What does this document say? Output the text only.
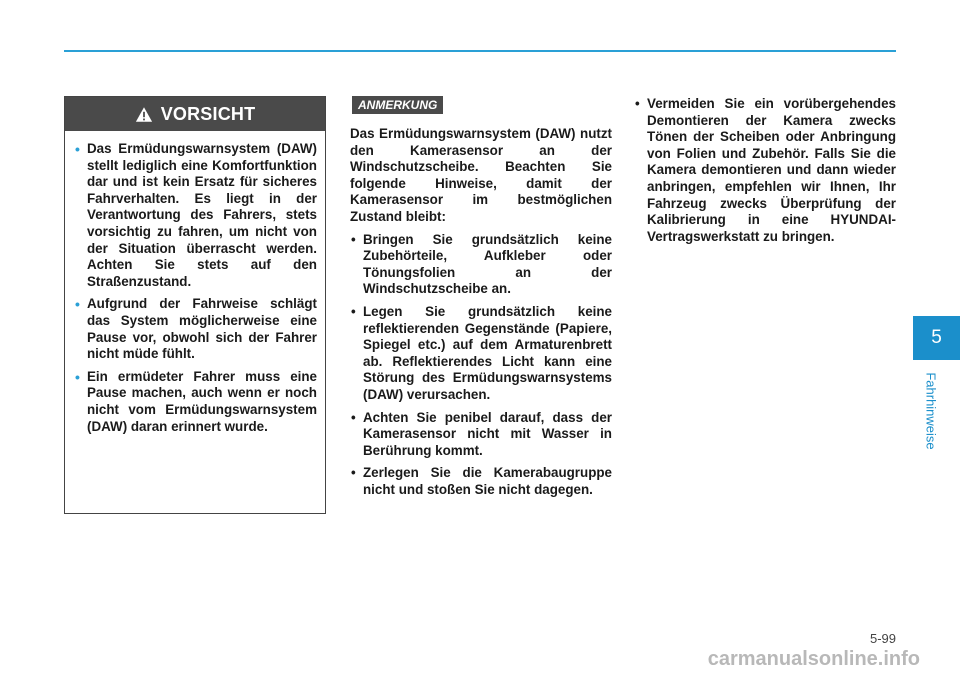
VORSICHT
• Das Ermüdungswarnsystem (DAW) stellt lediglich eine Komfortfunktion dar und ist kein Ersatz für sicheres Fahrverhalten. Es liegt in der Verantwortung des Fahrers, stets vorsichtig zu fahren, um nicht von der Situation überrascht werden. Achten Sie stets auf den Straßenzustand.
• Aufgrund der Fahrweise schlägt das System möglicherweise eine Pause vor, obwohl sich der Fahrer nicht müde fühlt.
• Ein ermüdeter Fahrer muss eine Pause machen, auch wenn er noch nicht vom Ermüdungswarnsystem (DAW) daran erinnert wurde.
ANMERKUNG

Das Ermüdungswarnsystem (DAW) nutzt den Kamerasensor an der Windschutzscheibe. Beachten Sie folgende Hinweise, damit der Kamerasensor im bestmöglichen Zustand bleibt:

• Bringen Sie grundsätzlich keine Zubehörteile, Aufkleber oder Tönungsfolien an der Windschutzscheibe an.
• Legen Sie grundsätzlich keine reflektierenden Gegenstände (Papiere, Spiegel etc.) auf dem Armaturenbrett ab. Reflektierendes Licht kann eine Störung des Ermüdungswarnsystems (DAW) verursachen.
• Achten Sie penibel darauf, dass der Kamerasensor nicht mit Wasser in Berührung kommt.
• Zerlegen Sie die Kamerabaugruppe nicht und stoßen Sie nicht dagegen.
• Vermeiden Sie ein vorübergehendes Demontieren der Kamera zwecks Tönen der Scheiben oder Anbringung von Folien und Zubehör. Falls Sie die Kamera demontieren und dann wieder anbringen, empfehlen wir Ihnen, Ihr Fahrzeug zwecks Überprüfung der Kalibrierung in eine HYUNDAI-Vertragswerkstatt zu bringen.
5
Fahrhinweise
5-99
carmanualsonline.info
